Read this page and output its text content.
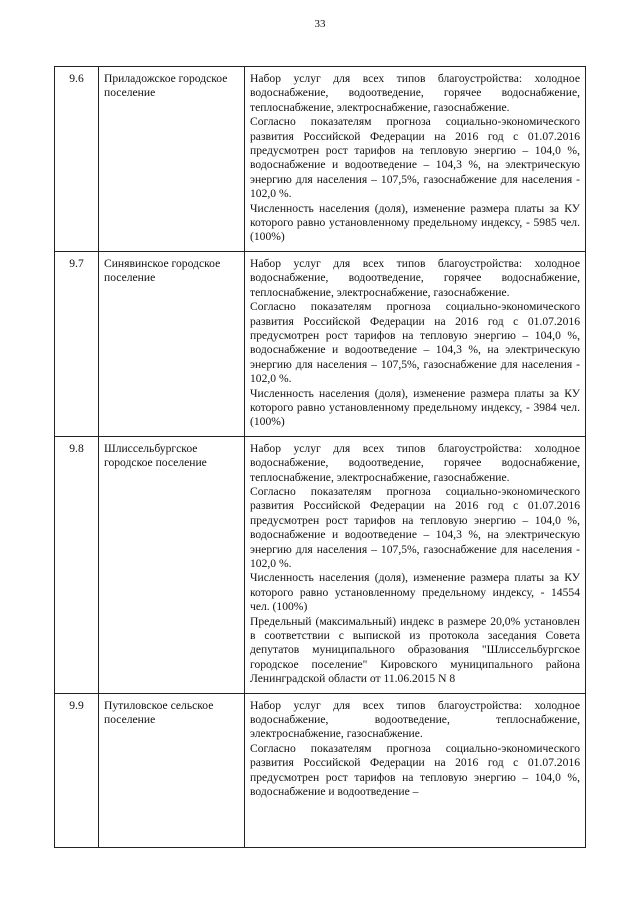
33
9.6	Приладожское городское поселение	Набор услуг для всех типов благоустройства: холодное водоснабжение, водоотведение, горячее водоснабжение, теплоснабжение, электроснабжение, газоснабжение.

Согласно показателям прогноза социально-экономического развития Российской Федерации на 2016 год с 01.07.2016 предусмотрен рост тарифов на тепловую энергию – 104,0 %, водоснабжение и водоотведение – 104,3 %, на электрическую энергию для населения – 107,5%, газоснабжение для населения - 102,0 %.

Численность населения (доля), изменение размера платы за КУ которого равно установленному предельному индексу, - 5985 чел. (100%)

9.7	Синявинское городское поселение	Набор услуг для всех типов благоустройства: холодное водоснабжение, водоотведение, горячее водоснабжение, теплоснабжение, электроснабжение, газоснабжение.

Согласно показателям прогноза социально-экономического развития Российской Федерации на 2016 год с 01.07.2016 предусмотрен рост тарифов на тепловую энергию – 104,0 %, водоснабжение и водоотведение – 104,3 %, на электрическую энергию для населения – 107,5%, газоснабжение для населения - 102,0 %.

Численность населения (доля), изменение размера платы за КУ которого равно установленному предельному индексу, - 3984 чел. (100%)

9.8	Шлиссельбургское городское поселение	Набор услуг для всех типов благоустройства: холодное водоснабжение, водоотведение, горячее водоснабжение, теплоснабжение, электроснабжение, газоснабжение.

Согласно показателям прогноза социально-экономического развития Российской Федерации на 2016 год с 01.07.2016 предусмотрен рост тарифов на тепловую энергию – 104,0 %, водоснабжение и водоотведение – 104,3 %, на электрическую энергию для населения – 107,5%, газоснабжение для населения - 102,0 %.

Численность населения (доля), изменение размера платы за КУ которого равно установленному предельному индексу, - 14554 чел. (100%)

Предельный (максимальный) индекс в размере 20,0% установлен в соответствии с выпиской из протокола заседания Совета депутатов муниципального образования "Шлиссельбургское городское поселение" Кировского муниципального района Ленинградской области от 11.06.2015 N 8

9.9	Путиловское сельское поселение	Набор услуг для всех типов благоустройства: холодное водоснабжение, водоотведение, теплоснабжение, электроснабжение, газоснабжение.

Согласно показателям прогноза социально-экономического развития Российской Федерации на 2016 год с 01.07.2016 предусмотрен рост тарифов на тепловую энергию – 104,0 %, водоснабжение и водоотведение –
